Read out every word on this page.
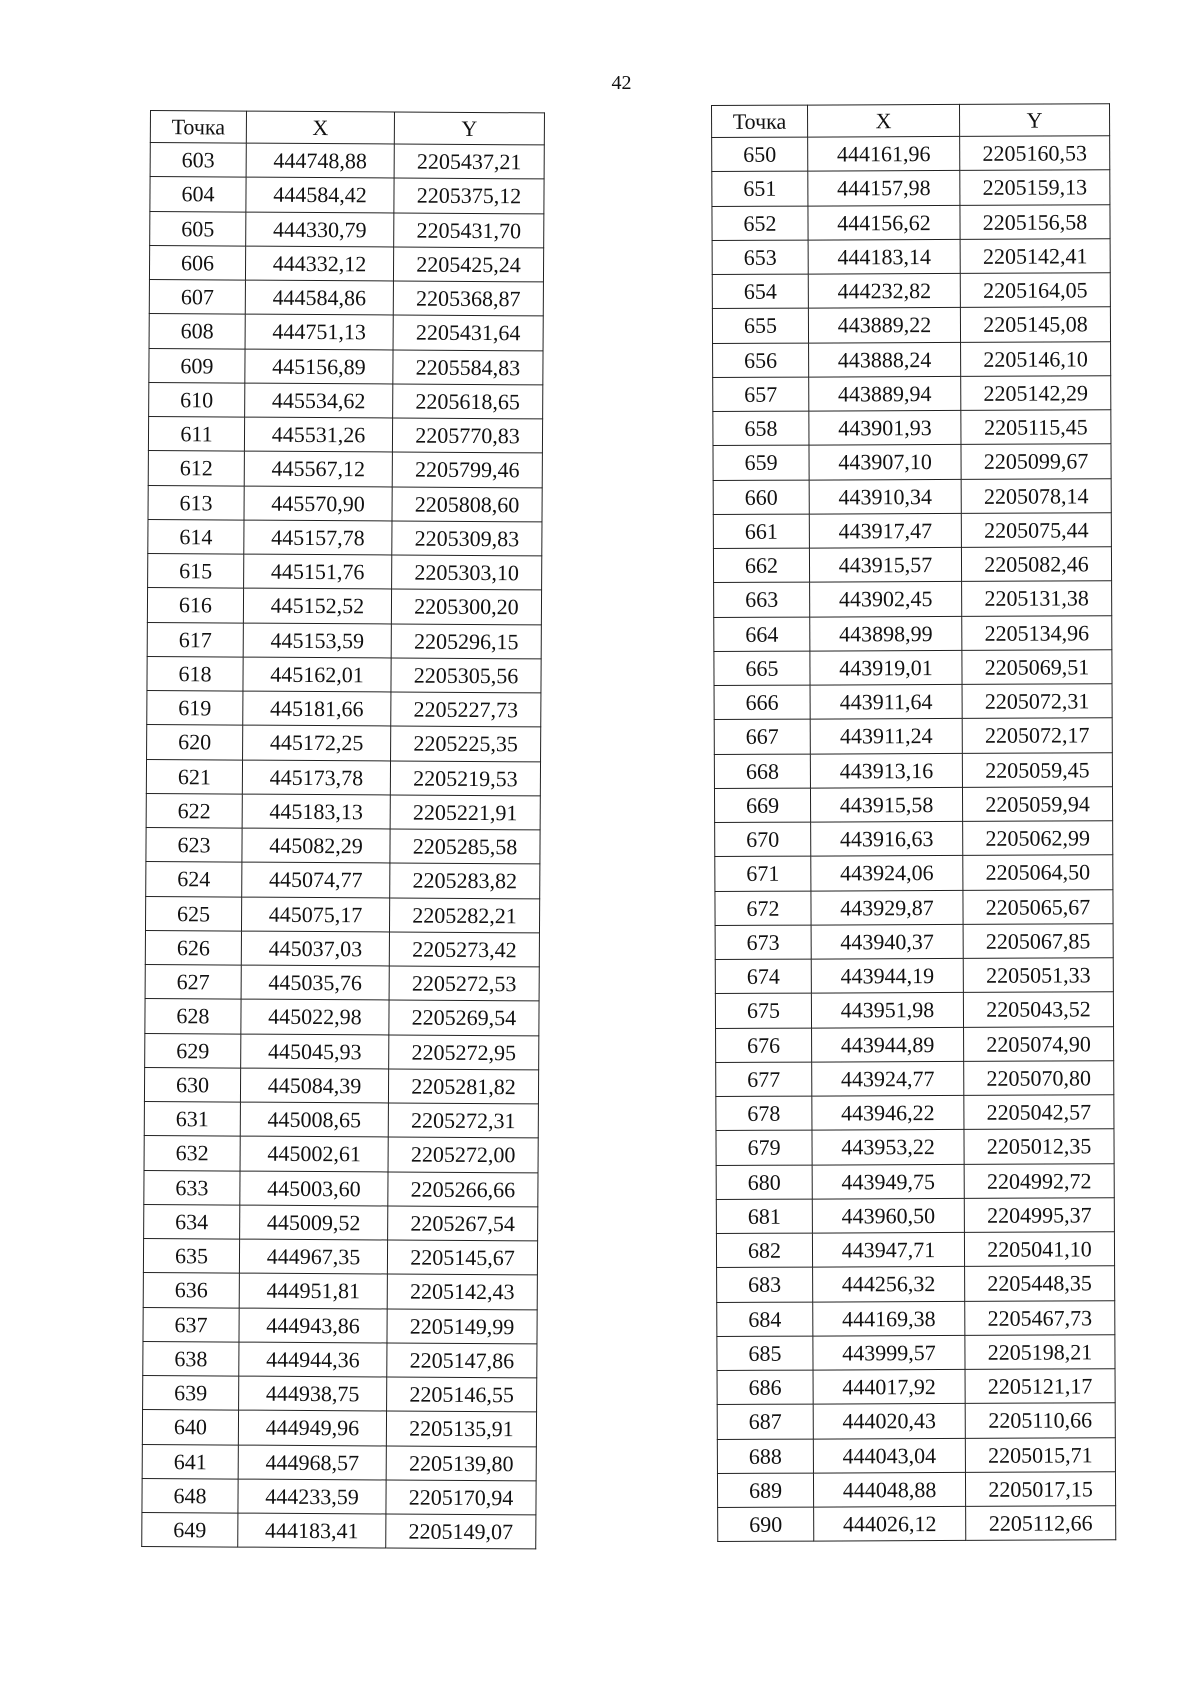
42
Точка	X	Y
603	444748,88	2205437,21
604	444584,42	2205375,12
605	444330,79	2205431,70
606	444332,12	2205425,24
607	444584,86	2205368,87
608	444751,13	2205431,64
609	445156,89	2205584,83
610	445534,62	2205618,65
611	445531,26	2205770,83
612	445567,12	2205799,46
613	445570,90	2205808,60
614	445157,78	2205309,83
615	445151,76	2205303,10
616	445152,52	2205300,20
617	445153,59	2205296,15
618	445162,01	2205305,56
619	445181,66	2205227,73
620	445172,25	2205225,35
621	445173,78	2205219,53
622	445183,13	2205221,91
623	445082,29	2205285,58
624	445074,77	2205283,82
625	445075,17	2205282,21
626	445037,03	2205273,42
627	445035,76	2205272,53
628	445022,98	2205269,54
629	445045,93	2205272,95
630	445084,39	2205281,82
631	445008,65	2205272,31
632	445002,61	2205272,00
633	445003,60	2205266,66
634	445009,52	2205267,54
635	444967,35	2205145,67
636	444951,81	2205142,43
637	444943,86	2205149,99
638	444944,36	2205147,86
639	444938,75	2205146,55
640	444949,96	2205135,91
641	444968,57	2205139,80
648	444233,59	2205170,94
649	444183,41	2205149,07
Точка	X	Y
650	444161,96	2205160,53
651	444157,98	2205159,13
652	444156,62	2205156,58
653	444183,14	2205142,41
654	444232,82	2205164,05
655	443889,22	2205145,08
656	443888,24	2205146,10
657	443889,94	2205142,29
658	443901,93	2205115,45
659	443907,10	2205099,67
660	443910,34	2205078,14
661	443917,47	2205075,44
662	443915,57	2205082,46
663	443902,45	2205131,38
664	443898,99	2205134,96
665	443919,01	2205069,51
666	443911,64	2205072,31
667	443911,24	2205072,17
668	443913,16	2205059,45
669	443915,58	2205059,94
670	443916,63	2205062,99
671	443924,06	2205064,50
672	443929,87	2205065,67
673	443940,37	2205067,85
674	443944,19	2205051,33
675	443951,98	2205043,52
676	443944,89	2205074,90
677	443924,77	2205070,80
678	443946,22	2205042,57
679	443953,22	2205012,35
680	443949,75	2204992,72
681	443960,50	2204995,37
682	443947,71	2205041,10
683	444256,32	2205448,35
684	444169,38	2205467,73
685	443999,57	2205198,21
686	444017,92	2205121,17
687	444020,43	2205110,66
688	444043,04	2205015,71
689	444048,88	2205017,15
690	444026,12	2205112,66
